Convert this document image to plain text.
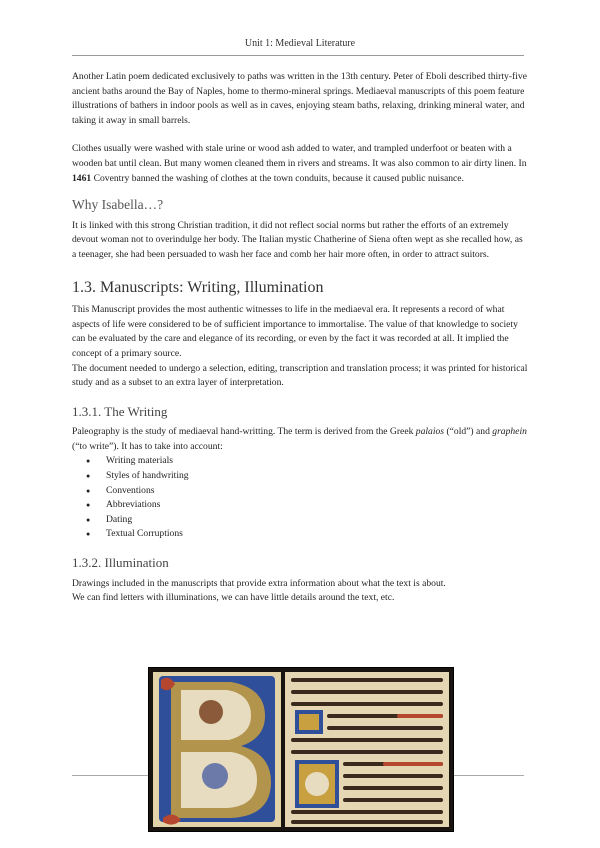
Unit 1: Medieval Literature

Another Latin poem dedicated exclusively to paths was written in the 13th century. Peter of Eboli described thirty-five ancient baths around the Bay of Naples, home to thermo-mineral springs. Mediaeval manuscripts of this poem feature illustrations of bathers in indoor pools as well as in caves, enjoying steam baths, relaxing, drinking mineral water, and taking it away in small barrels.

Clothes usually were washed with stale urine or wood ash added to water, and trampled underfoot or beaten with a wooden bat until clean. But many women cleaned them in rivers and streams. It was also common to air dirty linen. In 1461 Coventry banned the washing of clothes at the town conduits, because it caused public nuisance.

Why Isabella…?

It is linked with this strong Christian tradition, it did not reflect social norms but rather the efforts of an extremely devout woman not to overindulge her body. The Italian mystic Chatherine of Siena often wept as she recalled how, as a teenager, she had been persuaded to wash her face and comb her hair more often, in order to attract suitors.

1.3. Manuscripts: Writing, Illumination

This Manuscript provides the most authentic witnesses to life in the mediaeval era. It represents a record of what aspects of life were considered to be of sufficient importance to immortalise. The value of that knowledge to society can be evaluated by the care and elegance of its recording, or even by the fact it was recorded at all. It implied the concept of a primary source.

The document needed to undergo a selection, editing, transcription and translation process; it was printed for historical study and as a subset to an extra layer of interpretation.

1.3.1. The Writing

Paleography is the study of mediaeval hand-writting. The term is derived from the Greek palaios (“old”) and graphein (“to write”). It has to take into account:

● Writing materials
● Styles of handwriting
● Conventions
● Abbreviations
● Dating
● Textual Corruptions
1.3.2. Illumination

Drawings included in the manuscripts that provide extra information about what the text is about.

We can find letters with illuminations, we can have little details around the text, etc.
